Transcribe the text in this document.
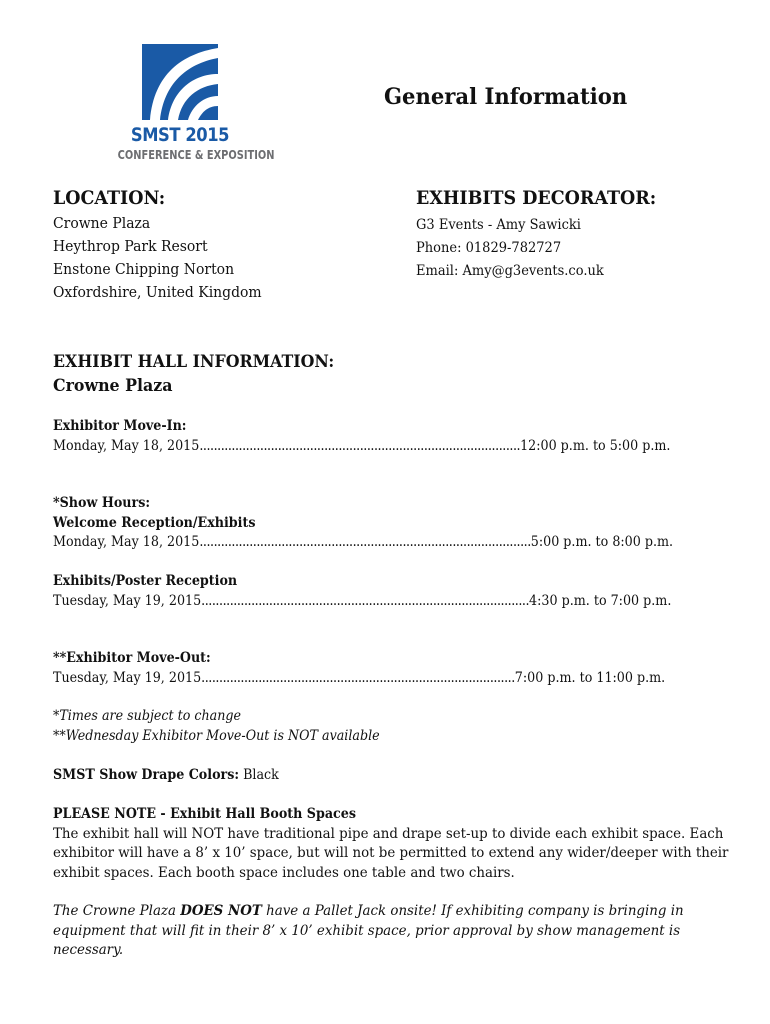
SMST 2015
CONFERENCE & EXPOSITION
General Information
LOCATION:
Crowne Plaza
Heythrop Park Resort
Enstone Chipping Norton
Oxfordshire, United Kingdom
EXHIBITS DECORATOR:
G3 Events - Amy Sawicki
Phone: 01829-782727
Email: Amy@g3events.co.uk
EXHIBIT HALL INFORMATION:
Crowne Plaza
Exhibitor Move-In:
Monday, May 18, 2015 .......................................................................................... 12:00 p.m. to 5:00 p.m.
*Show Hours:
Welcome Reception/Exhibits
Monday, May 18, 2015 ............................................................................................. 5:00 p.m. to 8:00 p.m.
Exhibits/Poster Reception
Tuesday, May 19, 2015 ............................................................................................ 4:30 p.m. to 7:00 p.m.
**Exhibitor Move-Out:
Tuesday, May 19, 2015 ........................................................................................ 7:00 p.m. to 11:00 p.m.
*Times are subject to change
**Wednesday Exhibitor Move-Out is NOT available
SMST Show Drape Colors: Black
PLEASE NOTE - Exhibit Hall Booth Spaces
The exhibit hall will NOT have traditional pipe and drape set-up to divide each exhibit space. Each exhibitor will have a 8’ x 10’ space, but will not be permitted to extend any wider/deeper with their exhibit spaces. Each booth space includes one table and two chairs.
The Crowne Plaza DOES NOT have a Pallet Jack onsite! If exhibiting company is bringing in equipment that will fit in their 8’ x 10’ exhibit space, prior approval by show management is necessary.
